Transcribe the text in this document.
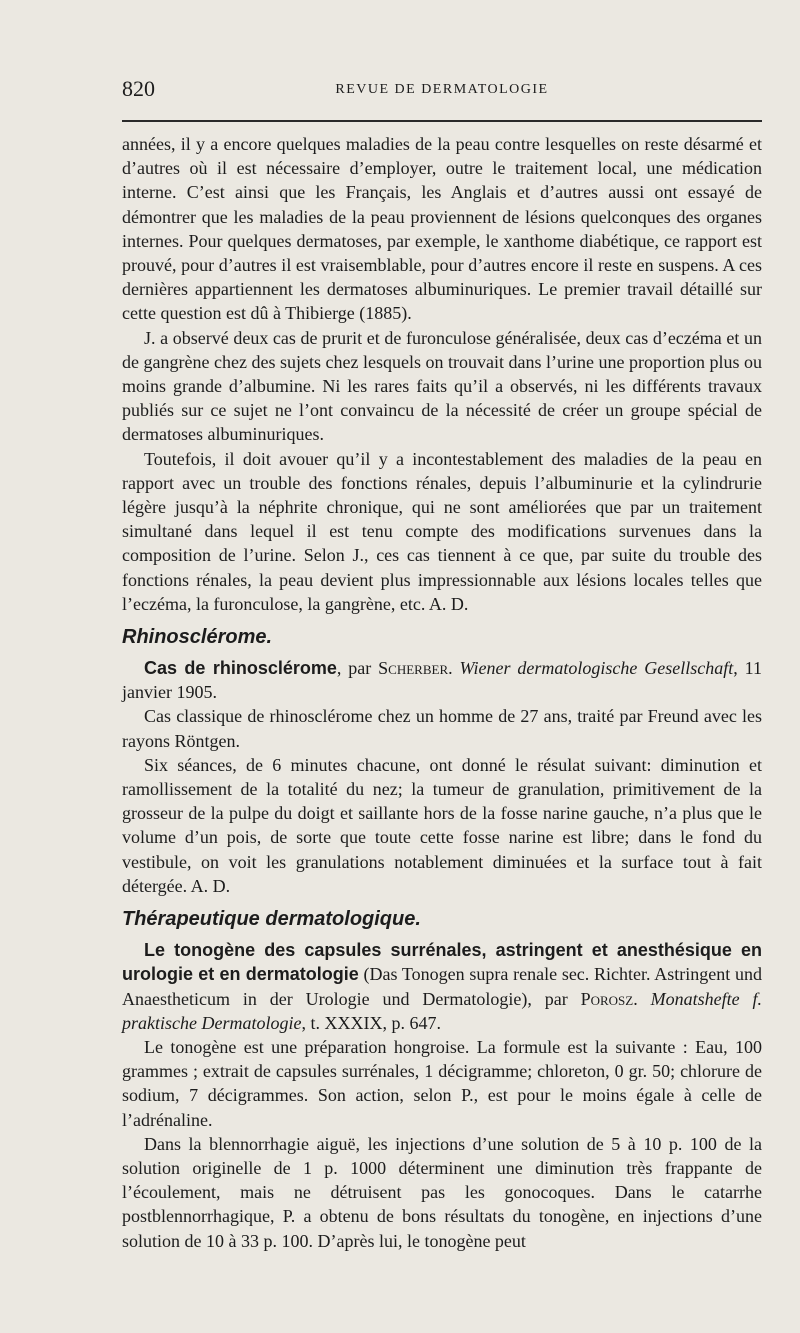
820	REVUE DE DERMATOLOGIE

années, il y a encore quelques maladies de la peau contre lesquelles on reste désarmé et d’autres où il est nécessaire d’employer, outre le traitement local, une médication interne. C’est ainsi que les Français, les Anglais et d’autres aussi ont essayé de démontrer que les maladies de la peau proviennent de lésions quelconques des organes internes. Pour quelques dermatoses, par exemple, le xanthome diabétique, ce rapport est prouvé, pour d’autres il est vraisemblable, pour d’autres encore il reste en suspens. A ces dernières appartiennent les dermatoses albuminuriques. Le premier travail détaillé sur cette question est dû à Thibierge (1885).

J. a observé deux cas de prurit et de furonculose généralisée, deux cas d’eczéma et un de gangrène chez des sujets chez lesquels on trouvait dans l’urine une proportion plus ou moins grande d’albumine. Ni les rares faits qu’il a observés, ni les différents travaux publiés sur ce sujet ne l’ont convaincu de la nécessité de créer un groupe spécial de dermatoses albuminuriques.

Toutefois, il doit avouer qu’il y a incontestablement des maladies de la peau en rapport avec un trouble des fonctions rénales, depuis l’albuminurie et la cylindrurie légère jusqu’à la néphrite chronique, qui ne sont améliorées que par un traitement simultané dans lequel il est tenu compte des modifications survenues dans la composition de l’urine. Selon J., ces cas tiennent à ce que, par suite du trouble des fonctions rénales, la peau devient plus impressionnable aux lésions locales telles que l’eczéma, la furonculose, la gangrène, etc. A. D.

Rhinosclérome.

Cas de rhinosclérome, par Scherber. Wiener dermatologische Gesellschaft, 11 janvier 1905.

Cas classique de rhinosclérome chez un homme de 27 ans, traité par Freund avec les rayons Röntgen.

Six séances, de 6 minutes chacune, ont donné le résulat suivant: diminution et ramollissement de la totalité du nez; la tumeur de granulation, primitivement de la grosseur de la pulpe du doigt et saillante hors de la fosse narine gauche, n’a plus que le volume d’un pois, de sorte que toute cette fosse narine est libre; dans le fond du vestibule, on voit les granulations notablement diminuées et la surface tout à fait détergée. A. D.

Thérapeutique dermatologique.

Le tonogène des capsules surrénales, astringent et anesthésique en urologie et en dermatologie (Das Tonogen supra renale sec. Richter. Astringent und Anaestheticum in der Urologie und Dermatologie), par Porosz. Monatshefte f. praktische Dermatologie, t. XXXIX, p. 647.

Le tonogène est une préparation hongroise. La formule est la suivante : Eau, 100 grammes ; extrait de capsules surrénales, 1 décigramme; chloreton, 0 gr. 50; chlorure de sodium, 7 décigrammes. Son action, selon P., est pour le moins égale à celle de l’adrénaline.

Dans la blennorrhagie aiguë, les injections d’une solution de 5 à 10 p. 100 de la solution originelle de 1 p. 1000 déterminent une diminution très frappante de l’écoulement, mais ne détruisent pas les gonocoques. Dans le catarrhe postblennorrhagique, P. a obtenu de bons résultats du tonogène, en injections d’une solution de 10 à 33 p. 100. D’après lui, le tonogène peut
